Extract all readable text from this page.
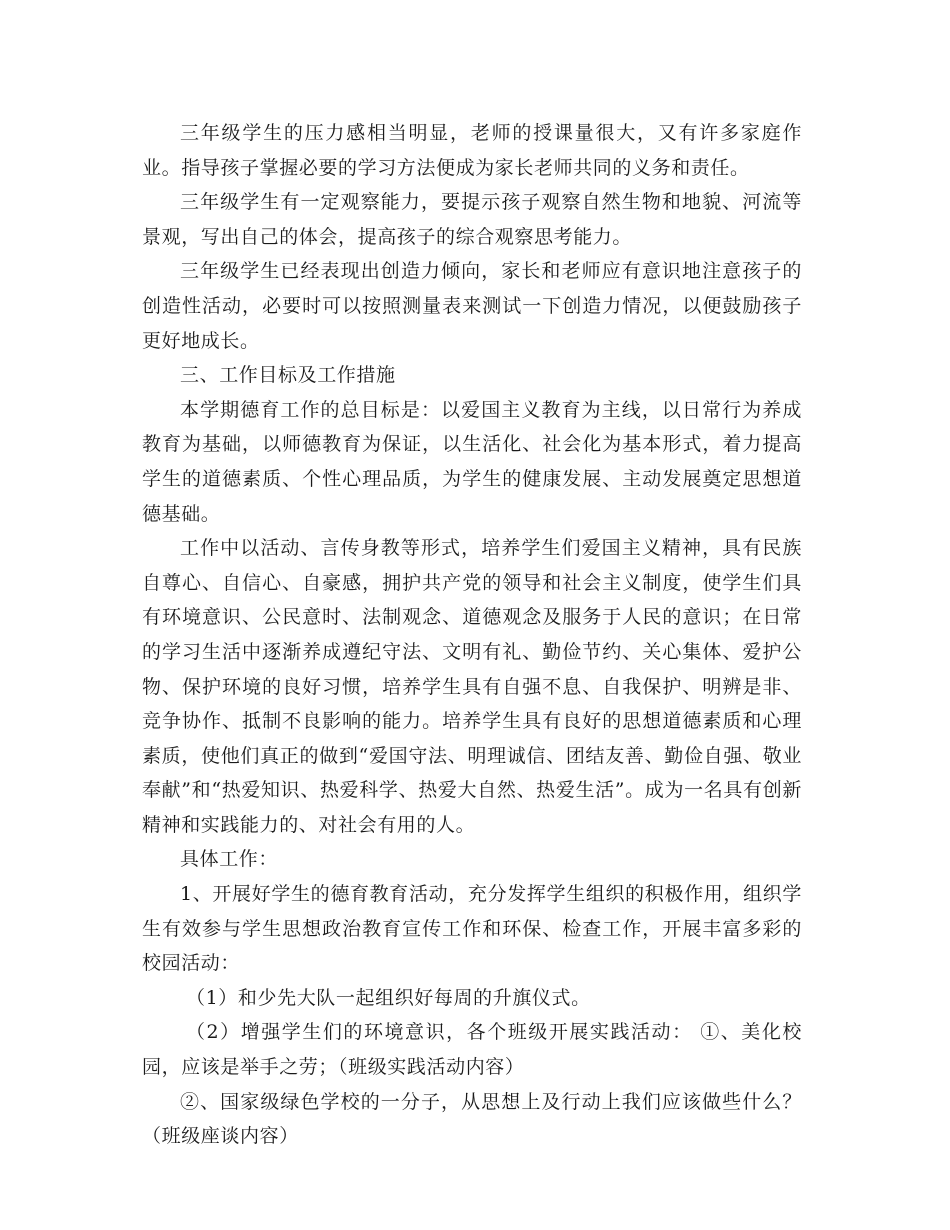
三年级学生的压力感相当明显，老师的授课量很大，又有许多家庭作业。指导孩子掌握必要的学习方法便成为家长老师共同的义务和责任。

三年级学生有一定观察能力，要提示孩子观察自然生物和地貌、河流等景观，写出自己的体会，提高孩子的综合观察思考能力。

三年级学生已经表现出创造力倾向，家长和老师应有意识地注意孩子的创造性活动，必要时可以按照测量表来测试一下创造力情况，以便鼓励孩子更好地成长。

三、工作目标及工作措施

本学期德育工作的总目标是：以爱国主义教育为主线，以日常行为养成教育为基础，以师德教育为保证，以生活化、社会化为基本形式，着力提高学生的道德素质、个性心理品质，为学生的健康发展、主动发展奠定思想道德基础。

工作中以活动、言传身教等形式，培养学生们爱国主义精神，具有民族自尊心、自信心、自豪感，拥护共产党的领导和社会主义制度，使学生们具有环境意识、公民意时、法制观念、道德观念及服务于人民的意识；在日常的学习生活中逐渐养成遵纪守法、文明有礼、勤俭节约、关心集体、爱护公物、保护环境的良好习惯，培养学生具有自强不息、自我保护、明辨是非、竞争协作、抵制不良影响的能力。培养学生具有良好的思想道德素质和心理素质，使他们真正的做到“爱国守法、明理诚信、团结友善、勤俭自强、敬业奉献”和“热爱知识、热爱科学、热爱大自然、热爱生活”。成为一名具有创新精神和实践能力的、对社会有用的人。

具体工作：

1、开展好学生的德育教育活动，充分发挥学生组织的积极作用，组织学生有效参与学生思想政治教育宣传工作和环保、检查工作，开展丰富多彩的校园活动：

（1）和少先大队一起组织好每周的升旗仪式。

（2）增强学生们的环境意识，各个班级开展实践活动： ①、美化校园，应该是举手之劳；（班级实践活动内容）

②、国家级绿色学校的一分子，从思想上及行动上我们应该做些什么？（班级座谈内容）
